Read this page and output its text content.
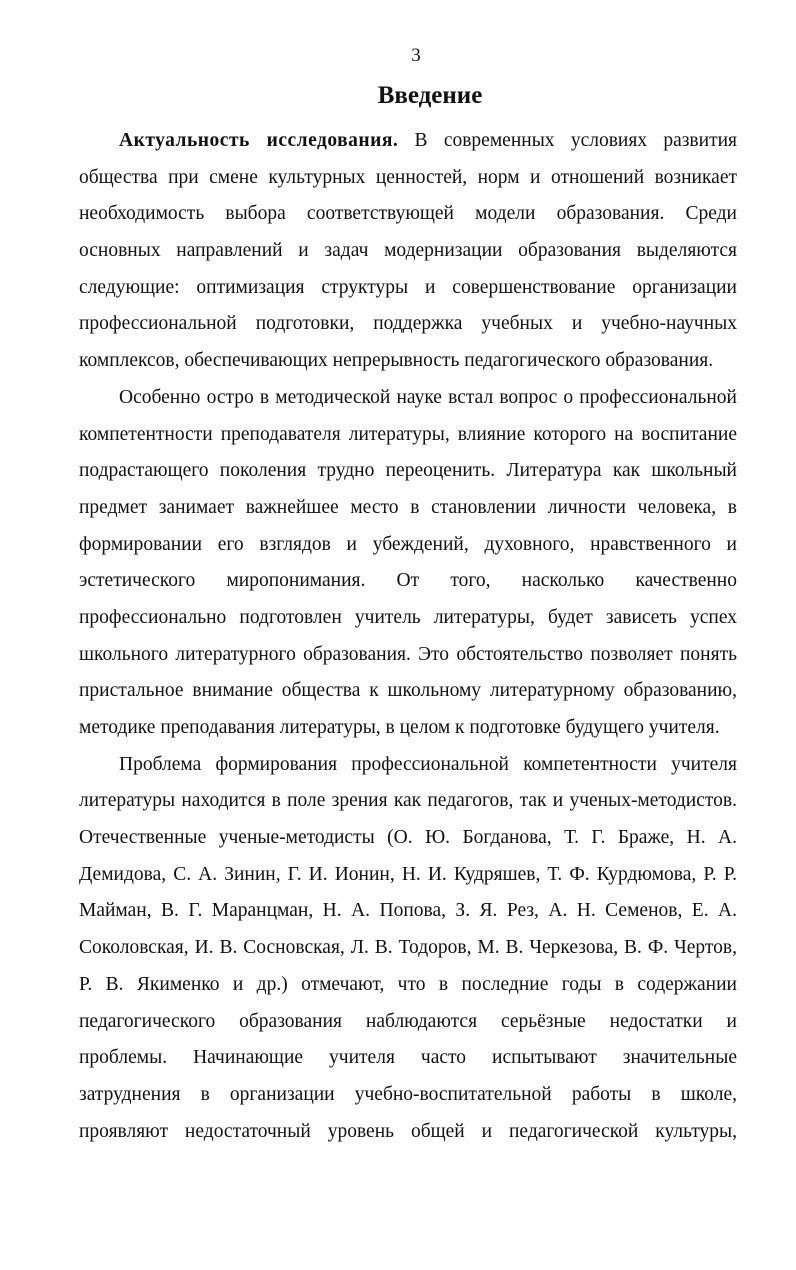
3
Введение
Актуальность исследования. В современных условиях развития
общества при смене культурных ценностей, норм и отношений возникает
необходимость выбора соответствующей модели образования. Среди
основных направлений и задач модернизации образования выделяются
следующие: оптимизация структуры и совершенствование организации
профессиональной подготовки, поддержка учебных и учебно-научных
комплексов, обеспечивающих непрерывность педагогического образования.
Особенно остро в методической науке встал вопрос о профессиональной
компетентности преподавателя литературы, влияние которого на воспитание
подрастающего поколения трудно переоценить. Литература как школьный
предмет занимает важнейшее место в становлении личности человека, в
формировании его взглядов и убеждений, духовного, нравственного и
эстетического миропонимания. От того, насколько качественно
профессионально подготовлен учитель литературы, будет зависеть успех
школьного литературного образования. Это обстоятельство позволяет понять
пристальное внимание общества к школьному литературному образованию,
методике преподавания литературы, в целом к подготовке будущего учителя.
Проблема формирования профессиональной компетентности учителя
литературы находится в поле зрения как педагогов, так и ученых-методистов.
Отечественные ученые-методисты (О. Ю. Богданова, Т. Г. Браже, Н. А.
Демидова, С. А. Зинин, Г. И. Ионин, Н. И. Кудряшев, Т. Ф. Курдюмова, Р. Р.
Майман, В. Г. Маранцман, Н. А. Попова, З. Я. Рез, А. Н. Семенов, Е. А.
Соколовская, И. В. Сосновская, Л. В. Тодоров, М. В. Черкезова, В. Ф. Чертов,
Р. В. Якименко и др.) отмечают, что в последние годы в содержании
педагогического образования наблюдаются серьёзные недостатки и
проблемы. Начинающие учителя часто испытывают значительные
затруднения в организации учебно-воспитательной работы в школе,
проявляют недостаточный уровень общей и педагогической культуры,
